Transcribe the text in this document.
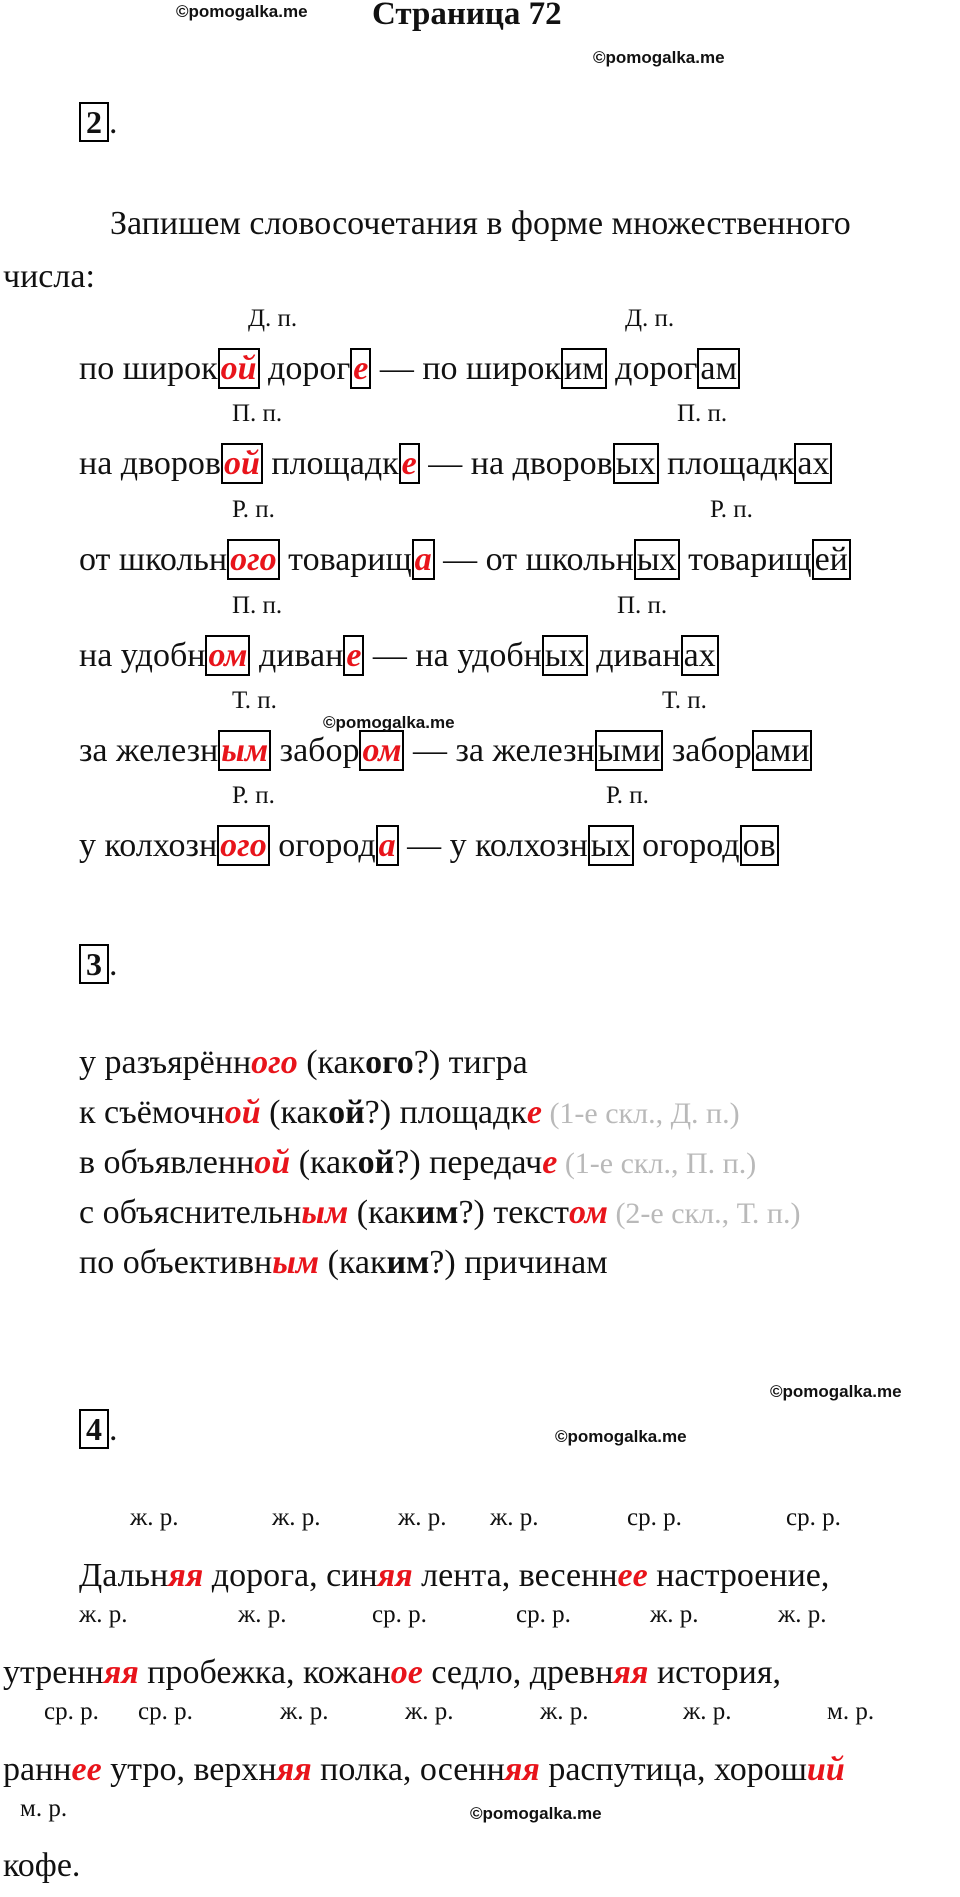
©pomogalka.me Страница 72
©pomogalka.me
2 .
Запишем словосочетания в форме множественного
числа:
Д. п.	Д. п.
по широкой дороге — по широким дорогам
П. п.	П. п.
на дворовой площадке — на дворовых площадках
Р. п.	Р. п.
от школьного товарища — от школьных товарищей
П. п.	П. п.
на удобном диване — на удобных диванах
Т. п.	Т. п.
за железным забором — за железными заборами
Р. п.	Р. п.
у колхозного огорода — у колхозных огородов
©pomogalka.me
3 .
у разъярённого (какого?) тигра
к съёмочной (какой?) площадке (1-е скл., Д. п.)
в объявленной (какой?) передаче (1-е скл., П. п.)
с объяснительным (каким?) текстом (2-е скл., Т. п.)
по объективным (каким?) причинам
©pomogalka.me
4 .	©pomogalka.me
ж. р.	ж. р.	ж. р. ж. р.	ср. р.	ср. р.
ж. р.	ж. р.	ср. р.	ср. р.	ж. р.	ж. р.
ср. р. ср. р.	ж. р.	ж. р.	ж. р.	ж. р.	м. р.
м. р.
Дальняя дорога, синяя лента, весеннее настроение,
утренняя пробежка, кожаное седло, древняя история,
раннее утро, верхняя полка, осенняя распутица, хороший
©pomogalka.me
кофе.
